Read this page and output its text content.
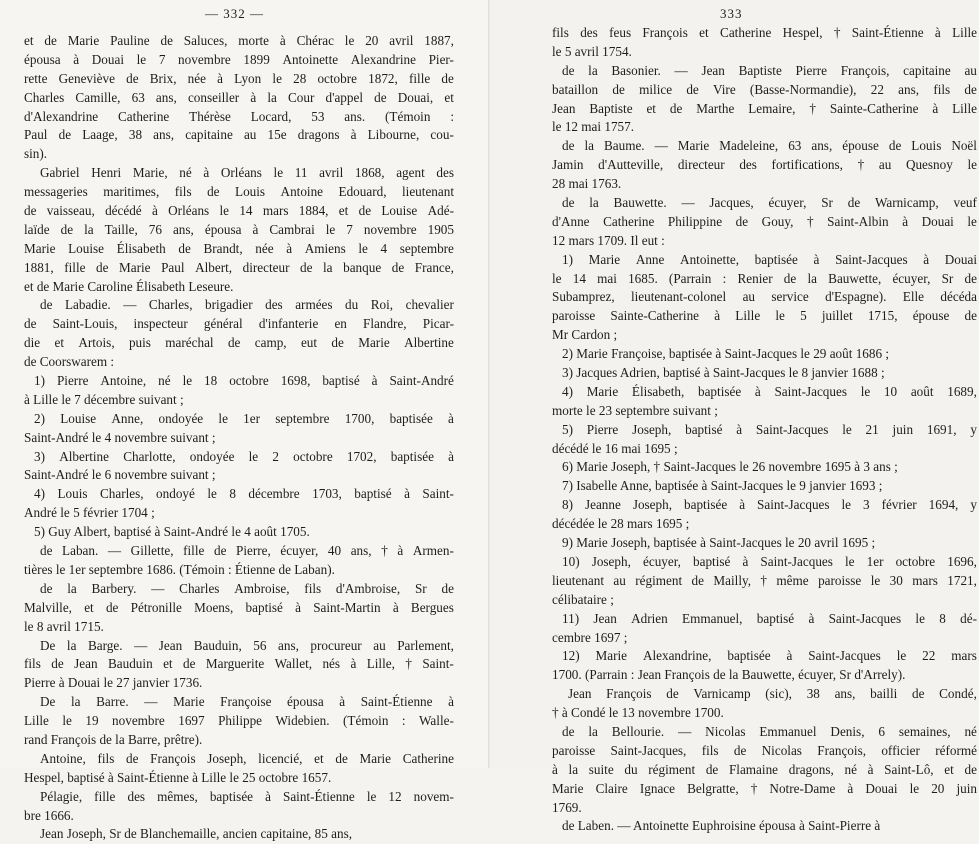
— 332 —
et de Marie Pauline de Saluces, morte à Chérac le 20 avril 1887,
épousa à Douai le 7 novembre 1899 Antoinette Alexandrine Pier-
rette Geneviève de Brix, née à Lyon le 28 octobre 1872, fille de
Charles Camille, 63 ans, conseiller à la Cour d'appel de Douai, et
d'Alexandrine Catherine Thérèse Locard, 53 ans. (Témoin :
Paul de Laage, 38 ans, capitaine au 15e dragons à Libourne, cou-
sin).
Gabriel Henri Marie, né à Orléans le 11 avril 1868, agent des
messageries maritimes, fils de Louis Antoine Edouard, lieutenant
de vaisseau, décédé à Orléans le 14 mars 1884, et de Louise Adé-
laïde de la Taille, 76 ans, épousa à Cambrai le 7 novembre 1905
Marie Louise Élisabeth de Brandt, née à Amiens le 4 septembre
1881, fille de Marie Paul Albert, directeur de la banque de France,
et de Marie Caroline Élisabeth Leseure.
de Labadie. — Charles, brigadier des armées du Roi, chevalier
de Saint-Louis, inspecteur général d'infanterie en Flandre, Picar-
die et Artois, puis maréchal de camp, eut de Marie Albertine
de Coorswarem :
1) Pierre Antoine, né le 18 octobre 1698, baptisé à Saint-André
à Lille le 7 décembre suivant ;
2) Louise Anne, ondoyée le 1er septembre 1700, baptisée à
Saint-André le 4 novembre suivant ;
3) Albertine Charlotte, ondoyée le 2 octobre 1702, baptisée à
Saint-André le 6 novembre suivant ;
4) Louis Charles, ondoyé le 8 décembre 1703, baptisé à Saint-
André le 5 février 1704 ;
5) Guy Albert, baptisé à Saint-André le 4 août 1705.
de Laban. — Gillette, fille de Pierre, écuyer, 40 ans, † à Armen-
tières le 1er septembre 1686. (Témoin : Étienne de Laban).
de la Barbery. — Charles Ambroise, fils d'Ambroise, Sr de
Malville, et de Pétronille Moens, baptisé à Saint-Martin à Bergues
le 8 avril 1715.
De la Barge. — Jean Bauduin, 56 ans, procureur au Parlement,
fils de Jean Bauduin et de Marguerite Wallet, nés à Lille, † Saint-
Pierre à Douai le 27 janvier 1736.
De la Barre. — Marie Françoise épousa à Saint-Étienne à
Lille le 19 novembre 1697 Philippe Widebien. (Témoin : Walle-
rand François de la Barre, prêtre).
Antoine, fils de François Joseph, licencié, et de Marie Catherine
Hespel, baptisé à Saint-Étienne à Lille le 25 octobre 1657.
Pélagie, fille des mêmes, baptisée à Saint-Étienne le 12 novem-
bre 1666.
Jean Joseph, Sr de Blanchemaille, ancien capitaine, 85 ans,
333
fils des feus François et Catherine Hespel, † Saint-Étienne à Lille
le 5 avril 1754.
de la Basonier. — Jean Baptiste Pierre François, capitaine au
bataillon de milice de Vire (Basse-Normandie), 22 ans, fils de
Jean Baptiste et de Marthe Lemaire, † Sainte-Catherine à Lille
le 12 mai 1757.
de la Baume. — Marie Madeleine, 63 ans, épouse de Louis Noël
Jamin d'Autteville, directeur des fortifications, † au Quesnoy le
28 mai 1763.
de la Bauwette. — Jacques, écuyer, Sr de Warnicamp, veuf
d'Anne Catherine Philippine de Gouy, † Saint-Albin à Douai le
12 mars 1709. Il eut :
1) Marie Anne Antoinette, baptisée à Saint-Jacques à Douai
le 14 mai 1685. (Parrain : Renier de la Bauwette, écuyer, Sr de
Subamprez, lieutenant-colonel au service d'Espagne). Elle décéda
paroisse Sainte-Catherine à Lille le 5 juillet 1715, épouse de
Mr Cardon ;
2) Marie Françoise, baptisée à Saint-Jacques le 29 août 1686 ;
3) Jacques Adrien, baptisé à Saint-Jacques le 8 janvier 1688 ;
4) Marie Élisabeth, baptisée à Saint-Jacques le 10 août 1689,
morte le 23 septembre suivant ;
5) Pierre Joseph, baptisé à Saint-Jacques le 21 juin 1691, y
décédé le 16 mai 1695 ;
6) Marie Joseph, † Saint-Jacques le 26 novembre 1695 à 3 ans ;
7) Isabelle Anne, baptisée à Saint-Jacques le 9 janvier 1693 ;
8) Jeanne Joseph, baptisée à Saint-Jacques le 3 février 1694, y
décédée le 28 mars 1695 ;
9) Marie Joseph, baptisée à Saint-Jacques le 20 avril 1695 ;
10) Joseph, écuyer, baptisé à Saint-Jacques le 1er octobre 1696,
lieutenant au régiment de Mailly, † même paroisse le 30 mars 1721,
célibataire ;
11) Jean Adrien Emmanuel, baptisé à Saint-Jacques le 8 dé-
cembre 1697 ;
12) Marie Alexandrine, baptisée à Saint-Jacques le 22 mars
1700. (Parrain : Jean François de la Bauwette, écuyer, Sr d'Arrely).
Jean François de Varnicamp (sic), 38 ans, bailli de Condé,
† à Condé le 13 novembre 1700.
de la Bellourie. — Nicolas Emmanuel Denis, 6 semaines, né
paroisse Saint-Jacques, fils de Nicolas François, officier réformé
à la suite du régiment de Flamaine dragons, né à Saint-Lô, et de
Marie Claire Ignace Belgratte, † Notre-Dame à Douai le 20 juin
1769.
de Laben. — Antoinette Euphroisine épousa à Saint-Pierre à
